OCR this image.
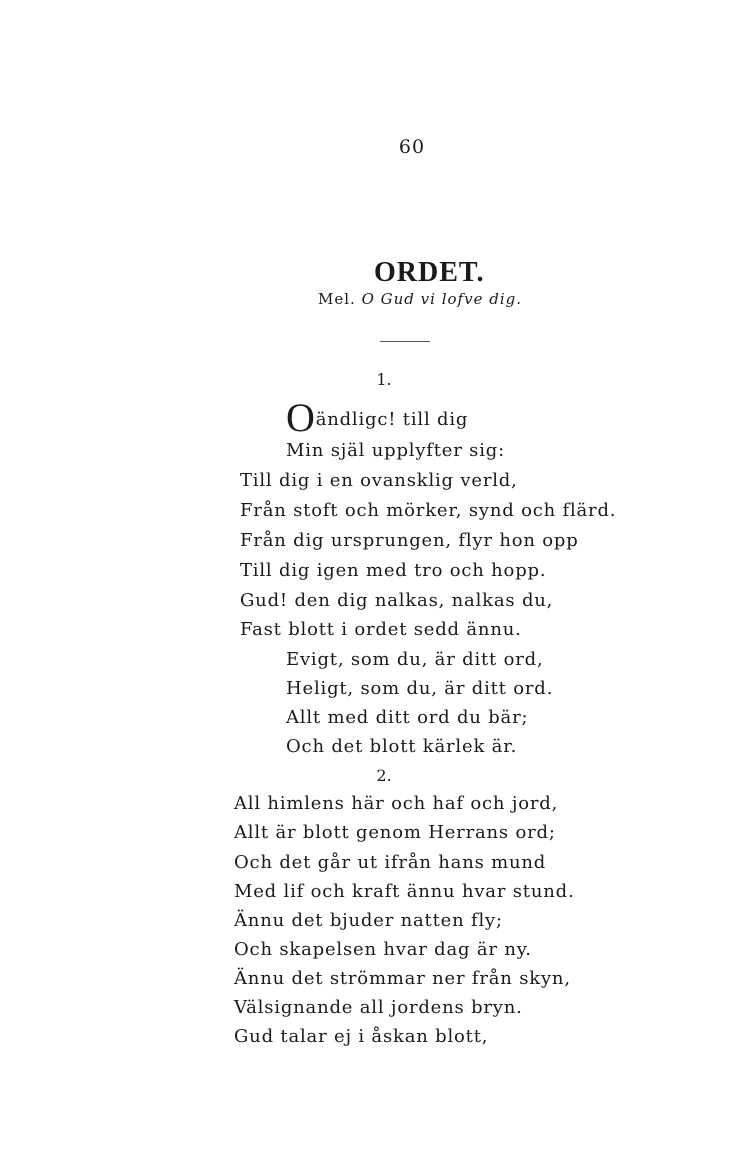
60
ORDET.
Mel. O Gud vi lofve dig.
1.
Oändligc! till dig
Min själ upplyfter sig:
Till dig i en ovansklig verld,
Från stoft och mörker, synd och flärd.
Från dig ursprungen, flyr hon opp
Till dig igen med tro och hopp.
Gud! den dig nalkas, nalkas du,
Fast blott i ordet sedd ännu.
Evigt, som du, är ditt ord,
Heligt, som du, är ditt ord.
Allt med ditt ord du bär;
Och det blott kärlek är.
2.
All himlens här och haf och jord,
Allt är blott genom Herrans ord;
Och det går ut ifrån hans mund
Med lif och kraft ännu hvar stund.
Ännu det bjuder natten fly;
Och skapelsen hvar dag är ny.
Ännu det strömmar ner från skyn,
Välsignande all jordens bryn.
Gud talar ej i åskan blott,
